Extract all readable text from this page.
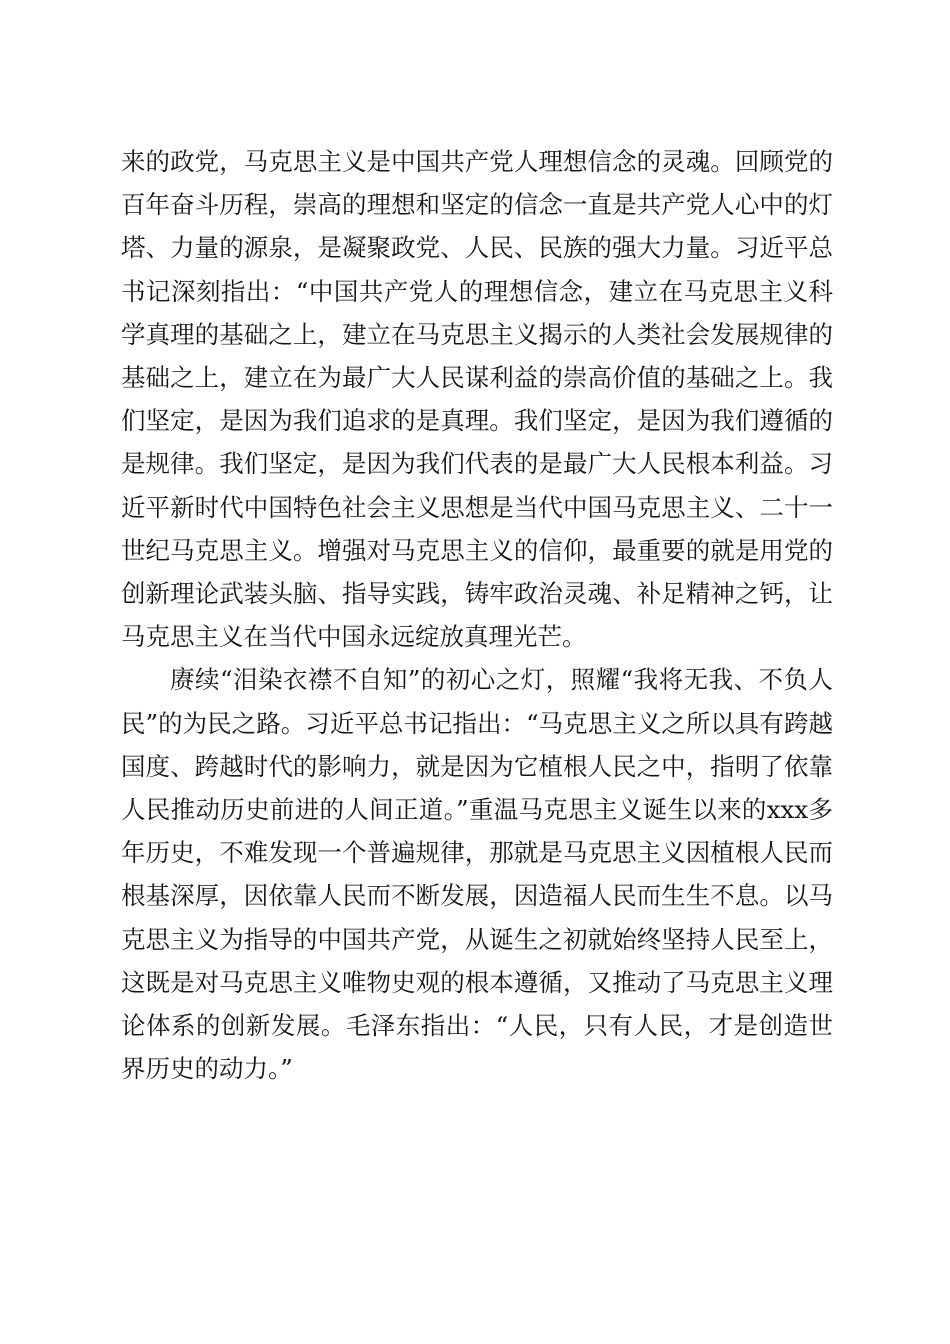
来的政党，马克思主义是中国共产党人理想信念的灵魂。回顾党的百年奋斗历程，崇高的理想和坚定的信念一直是共产党人心中的灯塔、力量的源泉，是凝聚政党、人民、民族的强大力量。习近平总书记深刻指出：“中国共产党人的理想信念，建立在马克思主义科学真理的基础之上，建立在马克思主义揭示的人类社会发展规律的基础之上，建立在为最广大人民谋利益的崇高价值的基础之上。我们坚定，是因为我们追求的是真理。我们坚定，是因为我们遵循的是规律。我们坚定，是因为我们代表的是最广大人民根本利益。习近平新时代中国特色社会主义思想是当代中国马克思主义、二十一世纪马克思主义。增强对马克思主义的信仰，最重要的就是用党的创新理论武装头脑、指导实践，铸牢政治灵魂、补足精神之钙，让马克思主义在当代中国永远绽放真理光芒。

赓续“泪染衣襟不自知”的初心之灯，照耀“我将无我、不负人民”的为民之路。习近平总书记指出：“马克思主义之所以具有跨越国度、跨越时代的影响力，就是因为它植根人民之中，指明了依靠人民推动历史前进的人间正道。”重温马克思主义诞生以来的xxx多年历史，不难发现一个普遍规律，那就是马克思主义因植根人民而根基深厚，因依靠人民而不断发展，因造福人民而生生不息。以马克思主义为指导的中国共产党，从诞生之初就始终坚持人民至上，这既是对马克思主义唯物史观的根本遵循，又推动了马克思主义理论体系的创新发展。毛泽东指出：“人民，只有人民，才是创造世界历史的动力。”
